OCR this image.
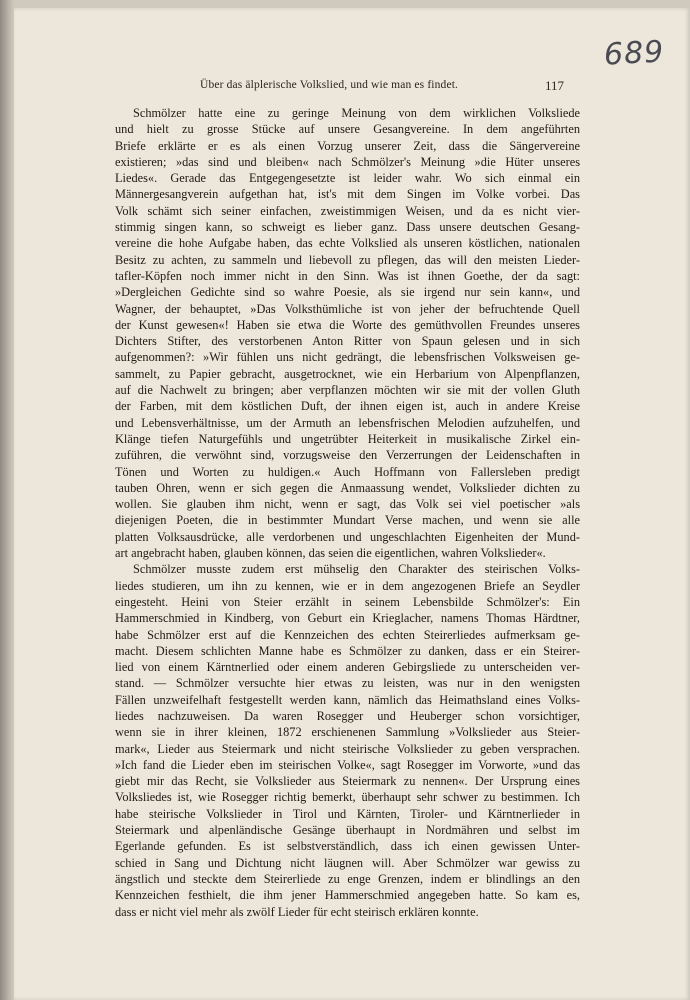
689
Über das älplerische Volkslied, und wie man es findet.	117
Schmölzer hatte eine zu geringe Meinung von dem wirklichen Volksliede
und hielt zu grosse Stücke auf unsere Gesangvereine. In dem angeführten
Briefe erklärte er es als einen Vorzug unserer Zeit, dass die Sängervereine
existieren; »das sind und bleiben« nach Schmölzer's Meinung »die Hüter unseres
Liedes«. Gerade das Entgegengesetzte ist leider wahr. Wo sich einmal ein
Männergesangverein aufgethan hat, ist's mit dem Singen im Volke vorbei. Das
Volk schämt sich seiner einfachen, zweistimmigen Weisen, und da es nicht vier-
stimmig singen kann, so schweigt es lieber ganz. Dass unsere deutschen Gesang-
vereine die hohe Aufgabe haben, das echte Volkslied als unseren köstlichen, nationalen
Besitz zu achten, zu sammeln und liebevoll zu pflegen, das will den meisten Lieder-
tafler-Köpfen noch immer nicht in den Sinn. Was ist ihnen Goethe, der da sagt:
»Dergleichen Gedichte sind so wahre Poesie, als sie irgend nur sein kann«, und
Wagner, der behauptet, »Das Volksthümliche ist von jeher der befruchtende Quell
der Kunst gewesen«! Haben sie etwa die Worte des gemüthvollen Freundes unseres
Dichters Stifter, des verstorbenen Anton Ritter von Spaun gelesen und in sich
aufgenommen?: »Wir fühlen uns nicht gedrängt, die lebensfrischen Volksweisen ge-
sammelt, zu Papier gebracht, ausgetrocknet, wie ein Herbarium von Alpenpflanzen,
auf die Nachwelt zu bringen; aber verpflanzen möchten wir sie mit der vollen Gluth
der Farben, mit dem köstlichen Duft, der ihnen eigen ist, auch in andere Kreise
und Lebensverhältnisse, um der Armuth an lebensfrischen Melodien aufzuhelfen, und
Klänge tiefen Naturgefühls und ungetrübter Heiterkeit in musikalische Zirkel ein-
zuführen, die verwöhnt sind, vorzugsweise den Verzerrungen der Leidenschaften in
Tönen und Worten zu huldigen.« Auch Hoffmann von Fallersleben predigt
tauben Ohren, wenn er sich gegen die Anmaassung wendet, Volkslieder dichten zu
wollen. Sie glauben ihm nicht, wenn er sagt, das Volk sei viel poetischer »als
diejenigen Poeten, die in bestimmter Mundart Verse machen, und wenn sie alle
platten Volksausdrücke, alle verdorbenen und ungeschlachten Eigenheiten der Mund-
art angebracht haben, glauben können, das seien die eigentlichen, wahren Volkslieder«.
Schmölzer musste zudem erst mühselig den Charakter des steirischen Volks-
liedes studieren, um ihn zu kennen, wie er in dem angezogenen Briefe an Seydler
eingesteht. Heini von Steier erzählt in seinem Lebensbilde Schmölzer's: Ein
Hammerschmied in Kindberg, von Geburt ein Krieglacher, namens Thomas Härdtner,
habe Schmölzer erst auf die Kennzeichen des echten Steirerliedes aufmerksam ge-
macht. Diesem schlichten Manne habe es Schmölzer zu danken, dass er ein Steirer-
lied von einem Kärntnerlied oder einem anderen Gebirgsliede zu unterscheiden ver-
stand. — Schmölzer versuchte hier etwas zu leisten, was nur in den wenigsten
Fällen unzweifelhaft festgestellt werden kann, nämlich das Heimathsland eines Volks-
liedes nachzuweisen. Da waren Rosegger und Heuberger schon vorsichtiger,
wenn sie in ihrer kleinen, 1872 erschienenen Sammlung »Volkslieder aus Steier-
mark«, Lieder aus Steiermark und nicht steirische Volkslieder zu geben versprachen.
»Ich fand die Lieder eben im steirischen Volke«, sagt Rosegger im Vorworte, »und das
giebt mir das Recht, sie Volkslieder aus Steiermark zu nennen«. Der Ursprung eines
Volksliedes ist, wie Rosegger richtig bemerkt, überhaupt sehr schwer zu bestimmen. Ich
habe steirische Volkslieder in Tirol und Kärnten, Tiroler- und Kärntnerlieder in
Steiermark und alpenländische Gesänge überhaupt in Nordmähren und selbst im
Egerlande gefunden. Es ist selbstverständlich, dass ich einen gewissen Unter-
schied in Sang und Dichtung nicht läugnen will. Aber Schmölzer war gewiss zu
ängstlich und steckte dem Steirerliede zu enge Grenzen, indem er blindlings an den
Kennzeichen festhielt, die ihm jener Hammerschmied angegeben hatte. So kam es,
dass er nicht viel mehr als zwölf Lieder für echt steirisch erklären konnte.
